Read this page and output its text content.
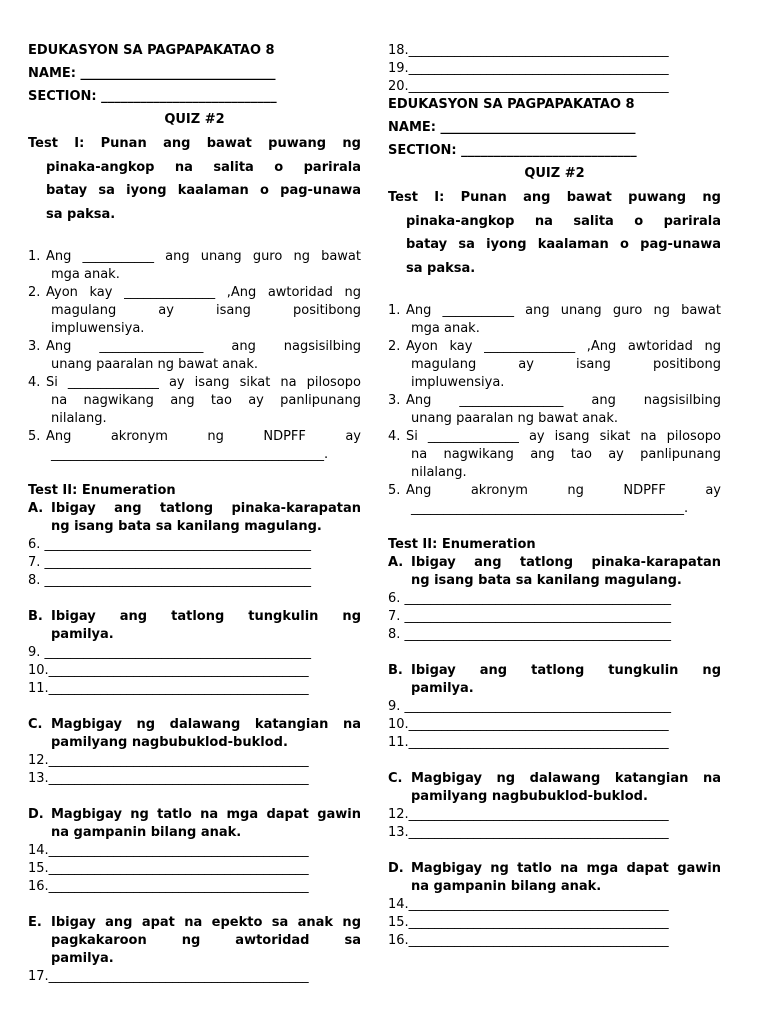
EDUKASYON SA PAGPAPAKATAO 8
NAME: ______________________________
SECTION: ___________________________
QUIZ #2
Test I: Punan ang bawat puwang ng
pinaka-angkop na salita o parirala
batay sa iyong kaalaman o pag-unawa
sa paksa.
1. Ang ___________ ang unang guro ng bawat
mga anak.
2. Ayon kay ______________ ,Ang awtoridad ng
magulang ay isang positibong
impluwensiya.
3. Ang ________________ ang nagsisilbing
unang paaralan ng bawat anak.
4. Si ______________ ay isang sikat na pilosopo
na nagwikang ang tao ay panlipunang
nilalang.
5. Ang akronym ng NDPFF ay
__________________________________________.
Test II: Enumeration
A. Ibigay ang tatlong pinaka-karapatan
ng isang bata sa kanilang magulang.
6. _________________________________________
7. _________________________________________
8. _________________________________________
B. Ibigay ang tatlong tungkulin ng
pamilya.
9. _________________________________________
10.________________________________________
11.________________________________________
C. Magbigay ng dalawang katangian na
pamilyang nagbubuklod-buklod.
12.________________________________________
13.________________________________________
D. Magbigay ng tatlo na mga dapat gawin
na gampanin bilang anak.
14.________________________________________
15.________________________________________
16.________________________________________
E. Ibigay ang apat na epekto sa anak ng
pagkakaroon ng awtoridad sa
pamilya.
17.________________________________________
18.________________________________________
19.________________________________________
20.________________________________________
EDUKASYON SA PAGPAPAKATAO 8
NAME: ______________________________
SECTION: ___________________________
QUIZ #2
Test I: Punan ang bawat puwang ng
pinaka-angkop na salita o parirala
batay sa iyong kaalaman o pag-unawa
sa paksa.
1. Ang ___________ ang unang guro ng bawat
mga anak.
2. Ayon kay ______________ ,Ang awtoridad ng
magulang ay isang positibong
impluwensiya.
3. Ang ________________ ang nagsisilbing
unang paaralan ng bawat anak.
4. Si ______________ ay isang sikat na pilosopo
na nagwikang ang tao ay panlipunang
nilalang.
5. Ang akronym ng NDPFF ay
__________________________________________.
Test II: Enumeration
A. Ibigay ang tatlong pinaka-karapatan
ng isang bata sa kanilang magulang.
6. _________________________________________
7. _________________________________________
8. _________________________________________
B. Ibigay ang tatlong tungkulin ng
pamilya.
9. _________________________________________
10.________________________________________
11.________________________________________
C. Magbigay ng dalawang katangian na
pamilyang nagbubuklod-buklod.
12.________________________________________
13.________________________________________
D. Magbigay ng tatlo na mga dapat gawin
na gampanin bilang anak.
14.________________________________________
15.________________________________________
16.________________________________________
